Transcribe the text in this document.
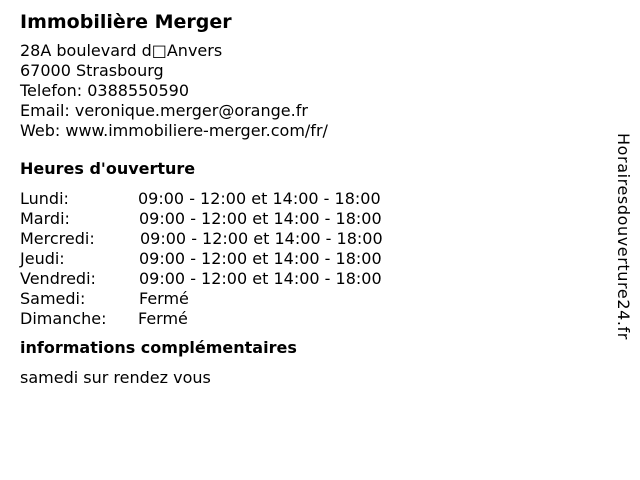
Immobilière Merger
28A boulevard d□Anvers
67000 Strasbourg
Telefon: 0388550590
Email: veronique.merger@orange.fr
Web: www.immobiliere-merger.com/fr/
Heures d'ouverture
Lundi:	09:00 - 12:00 et 14:00 - 18:00
Mardi:	09:00 - 12:00 et 14:00 - 18:00
Mercredi:	09:00 - 12:00 et 14:00 - 18:00
Jeudi:	09:00 - 12:00 et 14:00 - 18:00
Vendredi:	09:00 - 12:00 et 14:00 - 18:00
Samedi:	Fermé
Dimanche:	Fermé
informations complémentaires
samedi sur rendez vous
Horairesdouverture24.fr
